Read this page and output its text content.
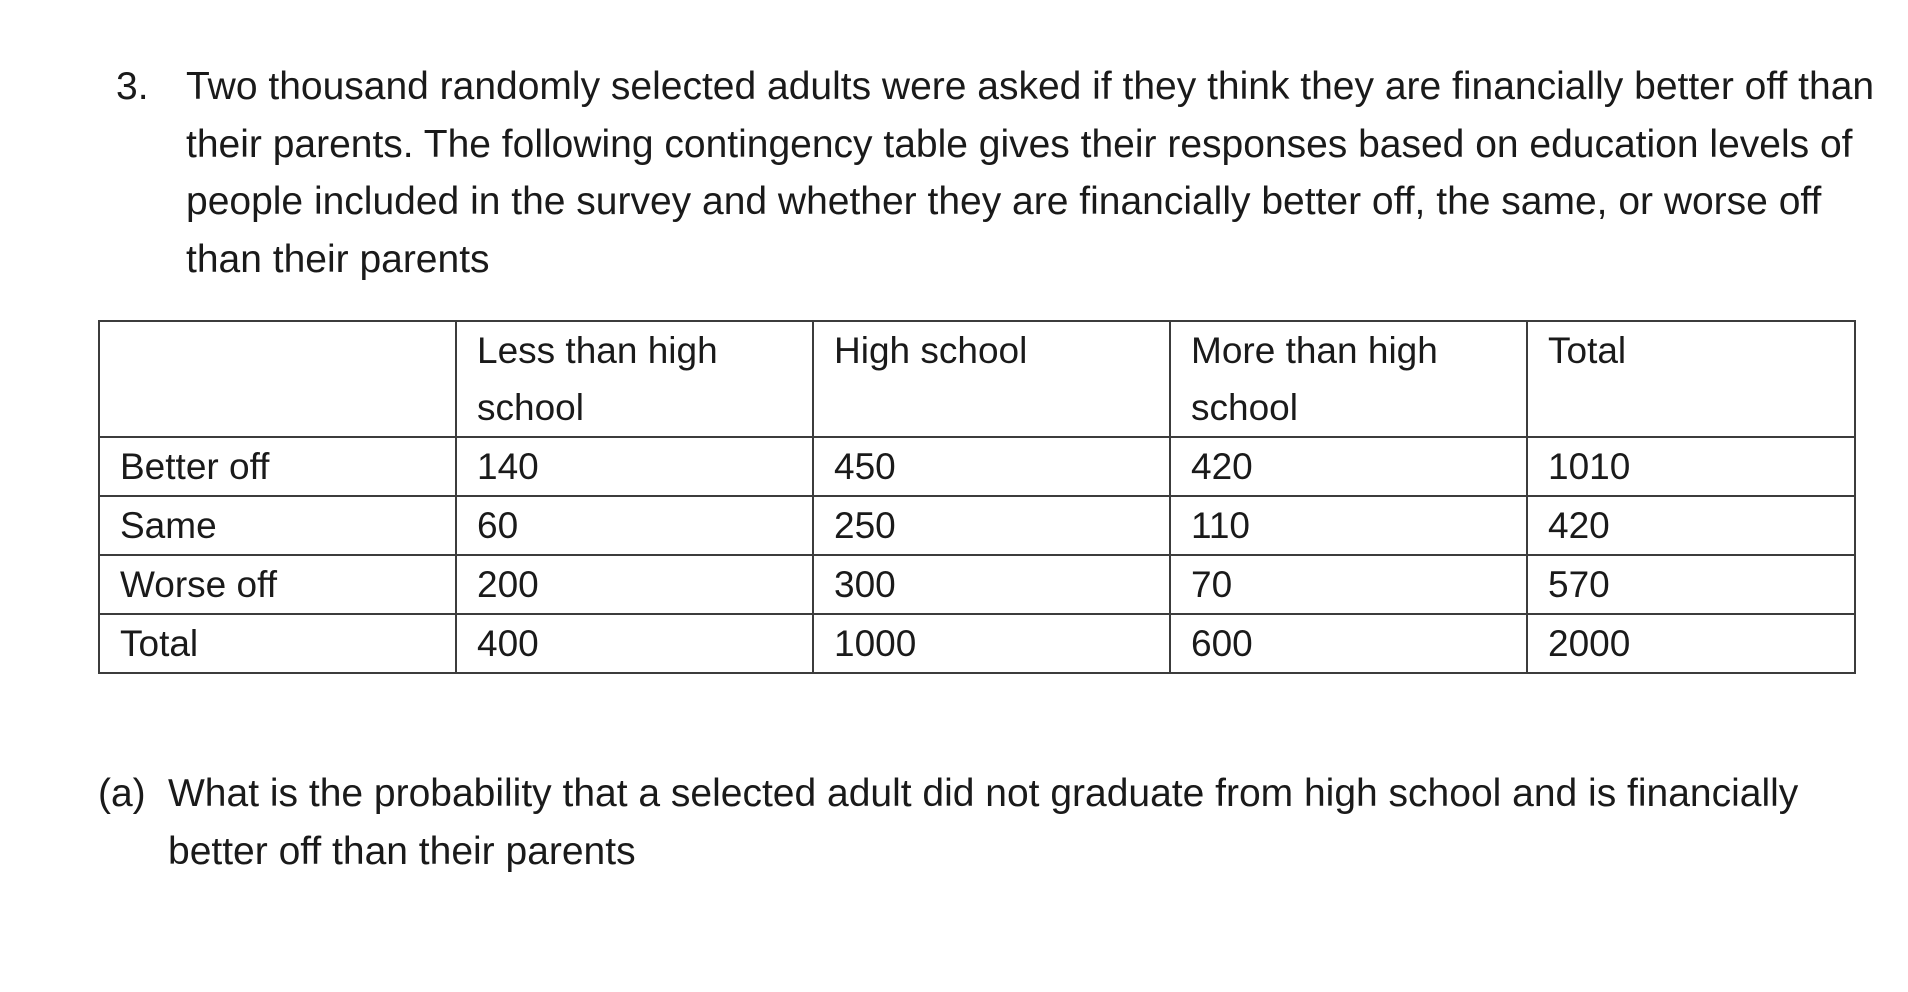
3. Two thousand randomly selected adults were asked if they think they are financially better off than their parents. The following contingency table gives their responses based on education levels of people included in the survey and whether they are financially better off, the same, or worse off than their parents
	Less than high school	High school	More than high school	Total
Better off	140	450	420	1010
Same	60	250	110	420
Worse off	200	300	70	570
Total	400	1000	600	2000
(a) What is the probability that a selected adult did not graduate from high school and is financially better off than their parents
